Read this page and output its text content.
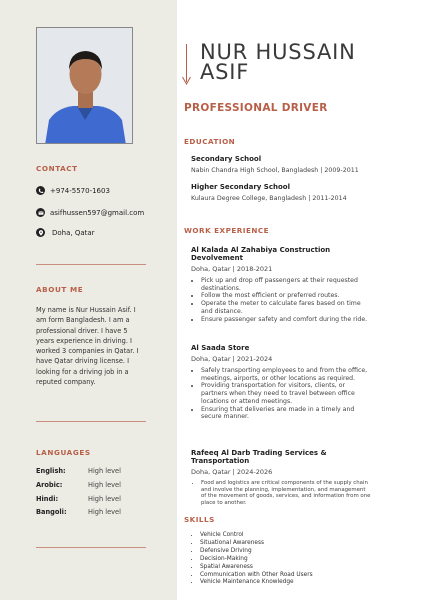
CONTACT
+974-5570-1603
asifhussen597@gmail.com
Doha, Qatar
ABOUT ME
My name is Nur Hussain Asif. I am form Bangladesh. I am a professional driver. I have 5 years experience in driving. I worked 3 companies in Qatar. I have Qatar driving license. I looking for a driving job in a reputed company.
LANGUAGES
English:	High level
Arobic:	High level
Hindi:	High level
Bangoli:	High level
NUR HUSSAIN ASIF
PROFESSIONAL DRIVER
EDUCATION
Secondary School
Nabin Chandra High School, Bangladesh | 2009-2011
Higher Secondary School
Kulaura Degree College, Bangladesh | 2011-2014
WORK EXPERIENCE
Al Kalada Al Zahabiya Construction Devolvement
Doha, Qatar | 2018-2021
• Pick up and drop off passengers at their requested destinations.
• Follow the most efficient or preferred routes.
• Operate the meter to calculate fares based on time and distance.
• Ensure passenger safety and comfort during the ride.
Al Saada Store
Doha, Qatar | 2021-2024
• Safely transporting employees to and from the office, meetings, airports, or other locations as required.
• Providing transportation for visitors, clients, or partners when they need to travel between office locations or attend meetings.
• Ensuring that deliveries are made in a timely and secure manner.
Rafeeq Al Darb Trading Services & Transportation
Doha, Qatar | 2024-2026
• Food and logistics are critical components of the supply chain and involve the planning, implementation, and management of the movement of goods, services, and information from one place to another.
SKILLS
• Vehicle Control
• Situational Awareness
• Defensive Driving
• Decision-Making
• Spatial Awareness
• Communication with Other Road Users
• Vehicle Maintenance Knowledge
